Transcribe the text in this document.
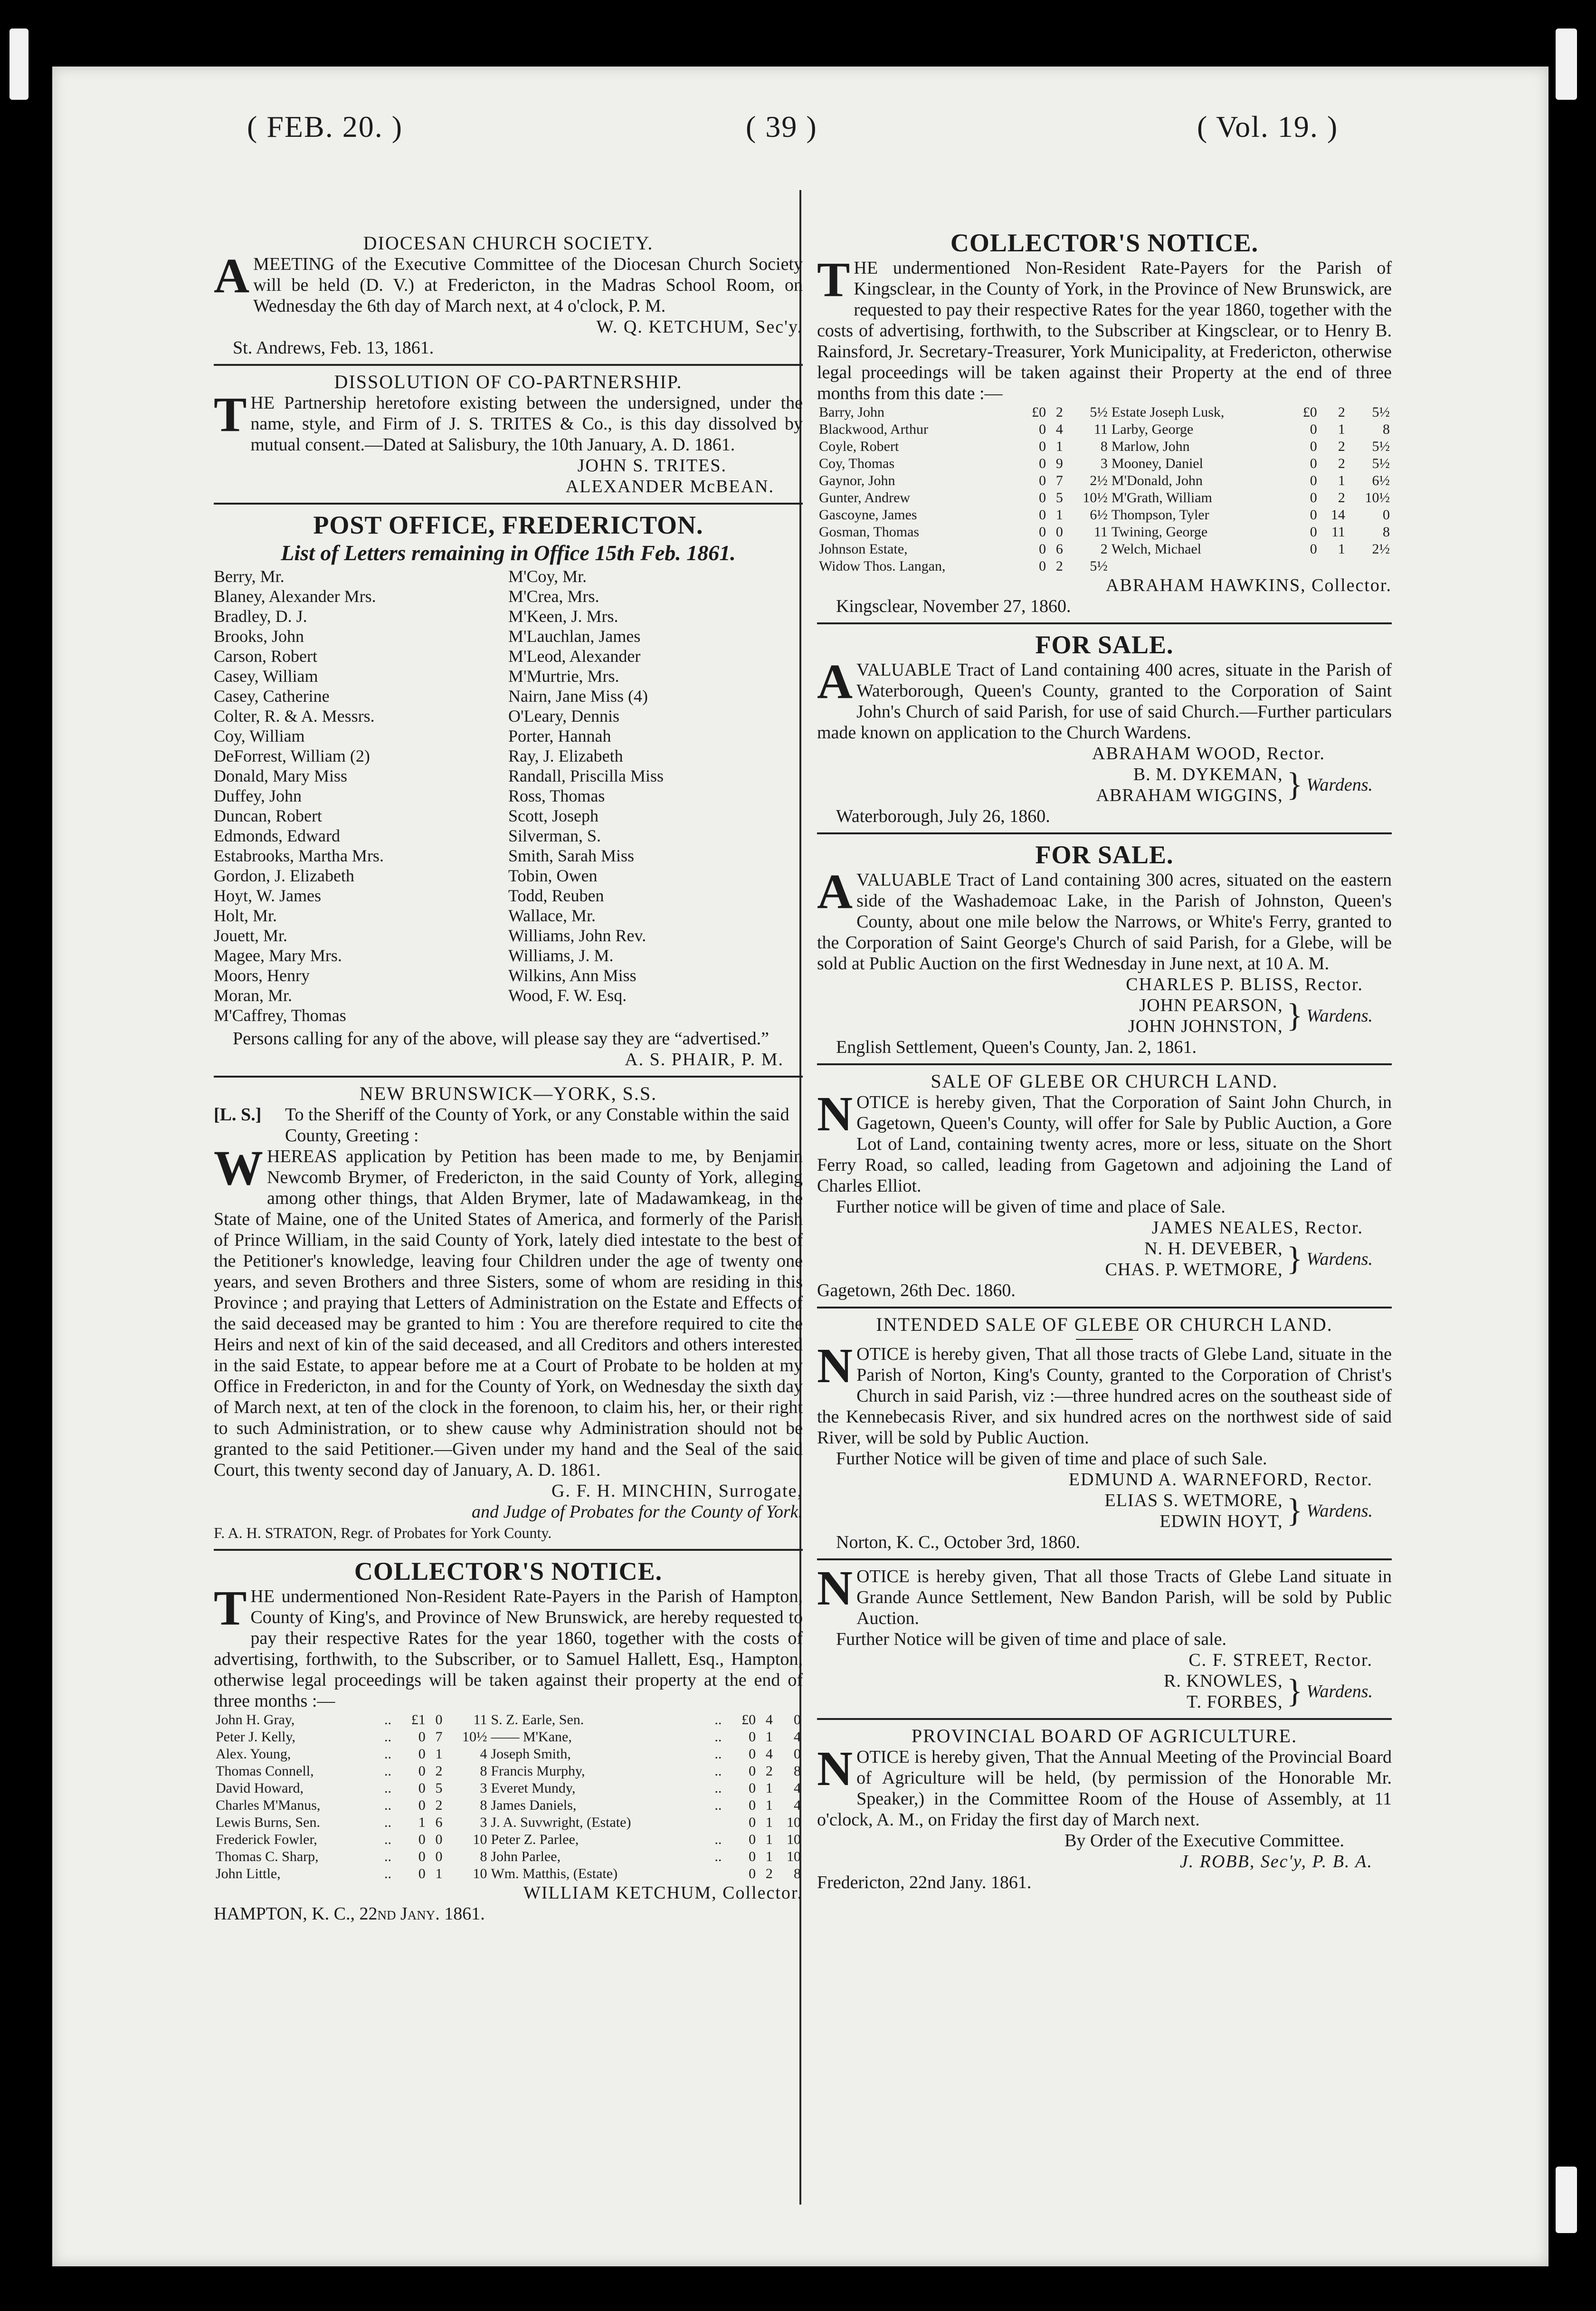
( FEB. 20. )	( 39 )	( Vol. 19. )
DIOCESAN CHURCH SOCIETY.
AMEETING of the Executive Committee of the Diocesan Church Society will be held (D. V.) at Fredericton, in the Madras School Room, on Wednesday the 6th day of March next, at 4 o'clock, P. M.
W. Q. KETCHUM, Sec'y.
St. Andrews, Feb. 13, 1861.
DISSOLUTION OF CO-PARTNERSHIP.
THE Partnership heretofore existing between the undersigned, under the name, style, and Firm of J. S. TRITES & Co., is this day dissolved by mutual consent.—Dated at Salisbury, the 10th January, A. D. 1861.
JOHN S. TRITES.
ALEXANDER McBEAN.
POST OFFICE, FREDERICTON.
List of Letters remaining in Office 15th Feb. 1861.
Berry, Mr.
Blaney, Alexander Mrs.
Bradley, D. J.
Brooks, John
Carson, Robert
Casey, William
Casey, Catherine
Colter, R. & A. Messrs.
Coy, William
DeForrest, William (2)
Donald, Mary Miss
Duffey, John
Duncan, Robert
Edmonds, Edward
Estabrooks, Martha Mrs.
Gordon, J. Elizabeth
Hoyt, W. James
Holt, Mr.
Jouett, Mr.
Magee, Mary Mrs.
Moors, Henry
Moran, Mr.
M'Caffrey, Thomas
M'Coy, Mr.
M'Crea, Mrs.
M'Keen, J. Mrs.
M'Lauchlan, James
M'Leod, Alexander
M'Murtrie, Mrs.
Nairn, Jane Miss (4)
O'Leary, Dennis
Porter, Hannah
Ray, J. Elizabeth
Randall, Priscilla Miss
Ross, Thomas
Scott, Joseph
Silverman, S.
Smith, Sarah Miss
Tobin, Owen
Todd, Reuben
Wallace, Mr.
Williams, John Rev.
Williams, J. M.
Wilkins, Ann Miss
Wood, F. W. Esq.
Persons calling for any of the above, will please say they are “advertised.”
A. S. PHAIR, P. M.
NEW BRUNSWICK—YORK, S.S.
[L. S.]	To the Sheriff of the County of York, or any Constable within the said County, Greeting :
WHEREAS application by Petition has been made to me, by Benjamin Newcomb Brymer, of Fredericton, in the said County of York, alleging among other things, that Alden Brymer, late of Madawamkeag, in the State of Maine, one of the United States of America, and formerly of the Parish of Prince William, in the said County of York, lately died intestate to the best of the Petitioner's knowledge, leaving four Children under the age of twenty one years, and seven Brothers and three Sisters, some of whom are residing in this Province ; and praying that Letters of Administration on the Estate and Effects of the said deceased may be granted to him : You are therefore required to cite the Heirs and next of kin of the said deceased, and all Creditors and others interested in the said Estate, to appear before me at a Court of Probate to be holden at my Office in Fredericton, in and for the County of York, on Wednesday the sixth day of March next, at ten of the clock in the forenoon, to claim his, her, or their right to such Administration, or to shew cause why Administration should not be granted to the said Petitioner.—Given under my hand and the Seal of the said Court, this twenty second day of January, A. D. 1861.
G. F. H. MINCHIN, Surrogate,
and Judge of Probates for the County of York.
F. A. H. STRATON, Regr. of Probates for York County.
COLLECTOR'S NOTICE.
THE undermentioned Non-Resident Rate-Payers in the Parish of Hampton, County of King's, and Province of New Brunswick, are hereby requested to pay their respective Rates for the year 1860, together with the costs of advertising, forthwith, to the Subscriber, or to Samuel Hallett, Esq., Hampton, otherwise legal proceedings will be taken against their property at the end of three months :—
John H. Gray,	..	£1	0	11	S. Z. Earle, Sen.	..	£0	4	0
Peter J. Kelly,	..	0	7	10½	—— M'Kane,	..	0	1	4
Alex. Young,	..	0	1	4	Joseph Smith,	..	0	4	0
Thomas Connell,	..	0	2	8	Francis Murphy,	..	0	2	8
David Howard,	..	0	5	3	Everet Mundy,	..	0	1	4
Charles M'Manus,	..	0	2	8	James Daniels,	..	0	1	4
Lewis Burns, Sen.	..	1	6	3	J. A. Suvwright, (Estate)		0	1	10
Frederick Fowler,	..	0	0	10	Peter Z. Parlee,	..	0	1	10
Thomas C. Sharp,	..	0	0	8	John Parlee,	..	0	1	10
John Little,	..	0	1	10	Wm. Matthis, (Estate)		0	2	8
WILLIAM KETCHUM, Collector.
HAMPTON, K. C., 22nd Jany. 1861.
COLLECTOR'S NOTICE.
THE undermentioned Non-Resident Rate-Payers for the Parish of Kingsclear, in the County of York, in the Province of New Brunswick, are requested to pay their respective Rates for the year 1860, together with the costs of advertising, forthwith, to the Subscriber at Kingsclear, or to Henry B. Rainsford, Jr. Secretary-Treasurer, York Municipality, at Fredericton, otherwise legal proceedings will be taken against their Property at the end of three months from this date :—
Barry, John	£0	2	5½	Estate Joseph Lusk,	£0	2	5½
Blackwood, Arthur	0	4	11	Larby, George	0	1	8
Coyle, Robert	0	1	8	Marlow, John	0	2	5½
Coy, Thomas	0	9	3	Mooney, Daniel	0	2	5½
Gaynor, John	0	7	2½	M'Donald, John	0	1	6½
Gunter, Andrew	0	5	10½	M'Grath, William	0	2	10½
Gascoyne, James	0	1	6½	Thompson, Tyler	0	14	0
Gosman, Thomas	0	0	11	Twining, George	0	11	8
Johnson Estate,	0	6	2	Welch, Michael	0	1	2½
Widow Thos. Langan,	0	2	5½				
ABRAHAM HAWKINS, Collector.
Kingsclear, November 27, 1860.
FOR SALE.
AVALUABLE Tract of Land containing 400 acres, situate in the Parish of Waterborough, Queen's County, granted to the Corporation of Saint John's Church of said Parish, for use of said Church.—Further particulars made known on application to the Church Wardens.
ABRAHAM WOOD, Rector.
B. M. DYKEMAN,
ABRAHAM WIGGINS, } Wardens.
Waterborough, July 26, 1860.
FOR SALE.
AVALUABLE Tract of Land containing 300 acres, situated on the eastern side of the Washademoac Lake, in the Parish of Johnston, Queen's County, about one mile below the Narrows, or White's Ferry, granted to the Corporation of Saint George's Church of said Parish, for a Glebe, will be sold at Public Auction on the first Wednesday in June next, at 10 A. M.
CHARLES P. BLISS, Rector.
JOHN PEARSON,
JOHN JOHNSTON, } Wardens.
English Settlement, Queen's County, Jan. 2, 1861.
SALE OF GLEBE OR CHURCH LAND.
NOTICE is hereby given, That the Corporation of Saint John Church, in Gagetown, Queen's County, will offer for Sale by Public Auction, a Gore Lot of Land, containing twenty acres, more or less, situate on the Short Ferry Road, so called, leading from Gagetown and adjoining the Land of Charles Elliot.
Further notice will be given of time and place of Sale.
JAMES NEALES, Rector.
N. H. DEVEBER,
CHAS. P. WETMORE, } Wardens.
Gagetown, 26th Dec. 1860.
INTENDED SALE OF GLEBE OR CHURCH LAND.
NOTICE is hereby given, That all those tracts of Glebe Land, situate in the Parish of Norton, King's County, granted to the Corporation of Christ's Church in said Parish, viz :—three hundred acres on the southeast side of the Kennebecasis River, and six hundred acres on the northwest side of said River, will be sold by Public Auction.
Further Notice will be given of time and place of such Sale.
EDMUND A. WARNEFORD, Rector.
ELIAS S. WETMORE,
EDWIN HOYT, } Wardens.
Norton, K. C., October 3rd, 1860.
NOTICE is hereby given, That all those Tracts of Glebe Land situate in Grande Aunce Settlement, New Bandon Parish, will be sold by Public Auction.
Further Notice will be given of time and place of sale.
C. F. STREET, Rector.
R. KNOWLES,
T. FORBES, } Wardens.
PROVINCIAL BOARD OF AGRICULTURE.
NOTICE is hereby given, That the Annual Meeting of the Provincial Board of Agriculture will be held, (by permission of the Honorable Mr. Speaker,) in the Committee Room of the House of Assembly, at 11 o'clock, A. M., on Friday the first day of March next.
By Order of the Executive Committee.
J. ROBB, Sec'y, P. B. A.
Fredericton, 22nd Jany. 1861.
